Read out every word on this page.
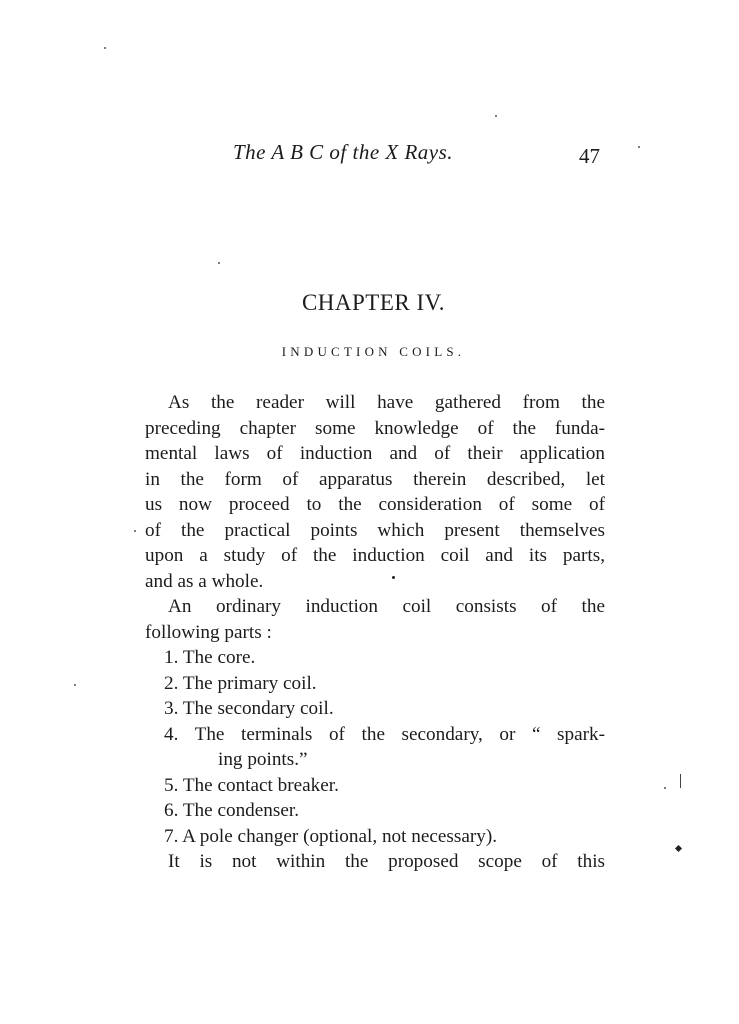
The A B C of the X Rays.	47
CHAPTER IV.
INDUCTION COILS.
As the reader will have gathered from the
preceding chapter some knowledge of the funda-
mental laws of induction and of their application
in the form of apparatus therein described, let
us now proceed to the consideration of some of
of the practical points which present themselves
upon a study of the induction coil and its parts,
and as a whole.
An ordinary induction coil consists of the
following parts :
1. The core.
2. The primary coil.
3. The secondary coil.
4. The terminals of the secondary, or “ spark-
ing points.”
5. The contact breaker.
6. The condenser.
7. A pole changer (optional, not necessary).
It is not within the proposed scope of this
